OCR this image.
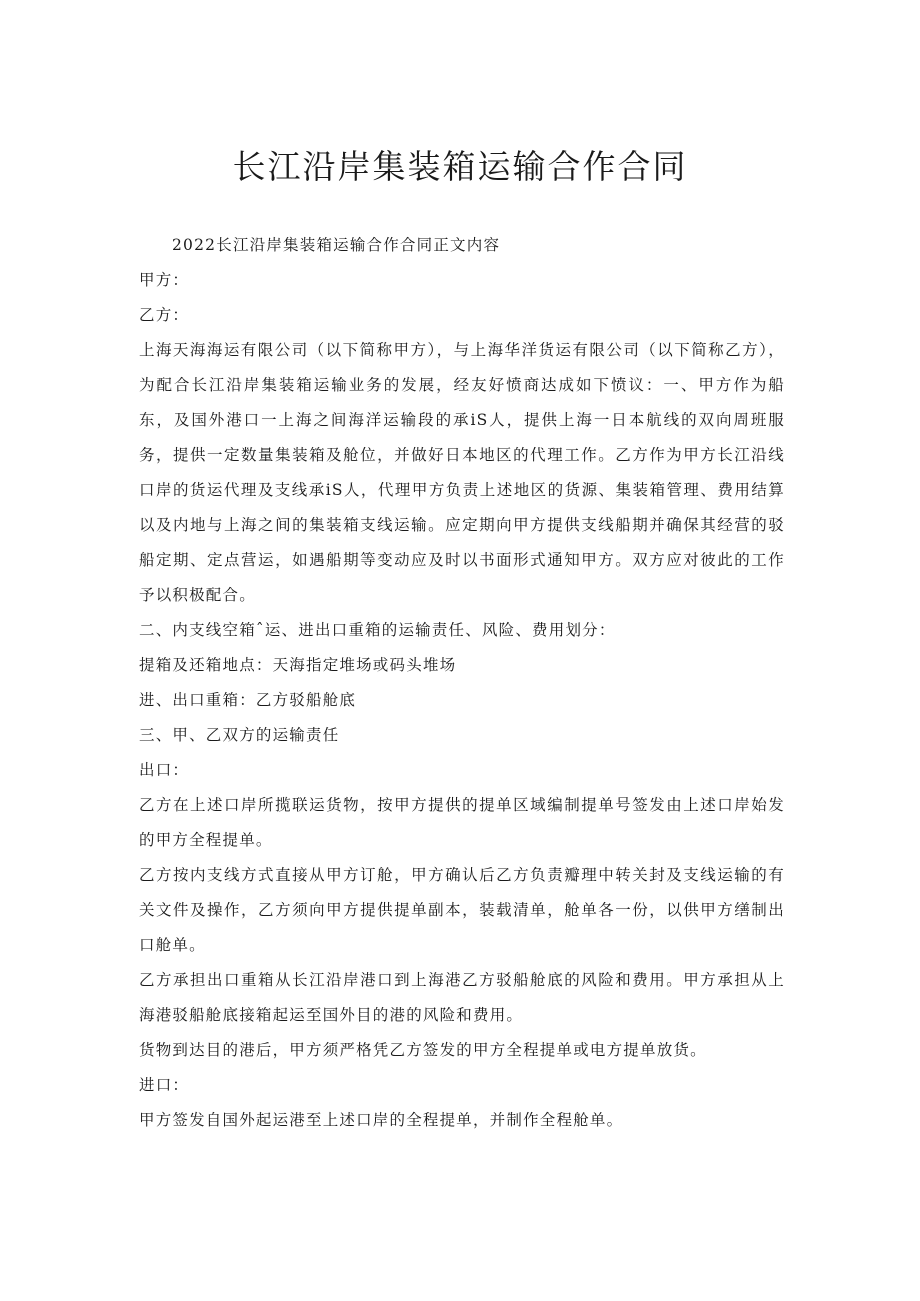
长江沿岸集装箱运输合作合同

2022长江沿岸集装箱运输合作合同正文内容

甲方：

乙方：

上海天海海运有限公司（以下简称甲方），与上海华洋货运有限公司（以下简称乙方），为配合长江沿岸集装箱运输业务的发展，经友好愤商达成如下愤议：一、甲方作为船东，及国外港口一上海之间海洋运输段的承iS人，提供上海一日本航线的双向周班服务，提供一定数量集装箱及舱位，并做好日本地区的代理工作。乙方作为甲方长江沿线口岸的货运代理及支线承iS人，代理甲方负责上述地区的货源、集装箱管理、费用结算以及内地与上海之间的集装箱支线运输。应定期向甲方提供支线船期并确保其经营的驳船定期、定点营运，如遇船期等变动应及时以书面形式通知甲方。双方应对彼此的工作予以积极配合。

二、内支线空箱ˆ运、进出口重箱的运输责任、风险、费用划分：

提箱及还箱地点：天海指定堆场或码头堆场

进、出口重箱：乙方驳船舱底

三、甲、乙双方的运输责任

出口：

乙方在上述口岸所揽联运货物，按甲方提供的提单区域编制提单号签发由上述口岸始发的甲方全程提单。

乙方按内支线方式直接从甲方订舱，甲方确认后乙方负责瓣理中转关封及支线运输的有关文件及操作，乙方须向甲方提供提单副本，装载清单，舱单各一份，以供甲方缮制出口舱单。

乙方承担出口重箱从长江沿岸港口到上海港乙方驳船舱底的风险和费用。甲方承担从上海港驳船舱底接箱起运至国外目的港的风险和费用。

货物到达目的港后，甲方须严格凭乙方签发的甲方全程提单或电方提单放货。

进口：

甲方签发自国外起运港至上述口岸的全程提单，并制作全程舱单。
